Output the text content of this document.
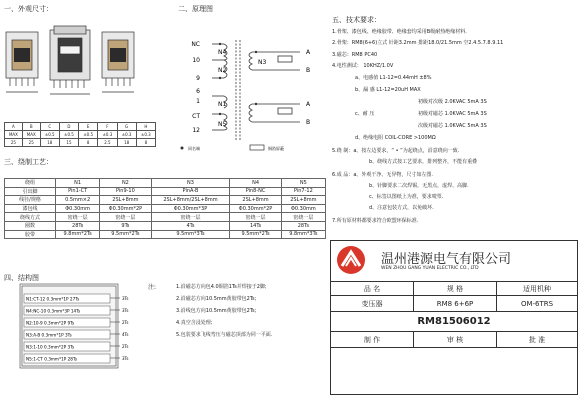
一、外观尺寸：
A	B	C	D	E	F	G	H
MAX	MAX	±0.5	±0.5	±0.5	±0.3	±0.3	±0.3
25	25	18	15	8	2.5	18	8
二、原理图
NC
10
9
6
1
CT
12
N4
N2
N1
N5
N3
A
B
A
B
同名端	铜箔屏蔽
三、绕制工艺：
绕组	N1	N2	N3	N4	N5
引出脚	Pin1-CT	Pin9-10	PinA-B	Pin8-NC	Pin7-12
线径/规格	0.5mm×2	2SL+8mm	2SL+8mm/2SL+8mm	2SL+8mm	2SL+8mm
漆包线	Φ0.30mm	Φ0.30mm*2P	Φ0.30mm*3P	Φ0.30mm*2P	Φ0.30mm
绕线方式	密绕一层	密绕一层	密绕一层	密绕一层	密绕一层
圈数	28Ts	9Ts	4Ts	14Ts	28Ts
胶带	9.8mm*2Ts	9.5mm*2Ts	9.5mm*3Ts	9.5mm*2Ts	9.8mm*3Ts
四、结构图
N1:CT-12 0.3mm*1P 27Ts
N4:NC-10 0.3mm*3P 14Ts
N2:10-9 0.3mm*2P 9Ts
N3:A-B 0.3mm*1P 3Ts
N3:1-10 0.3mm*2P 3Ts
N5:1-CT 0.3mm*1P 28Ts
3Ts
3Ts
2Ts
4Ts
2Ts
3Ts
注:	1.沿磁芯方向包4.0铜箔1Ts并焊接于2脚;
2.沿磁芯方向10.5mm黄胶带包2Ts;
3.沿线包方向10.5mm黄胶带包2Ts;
4.真空含浸处理;
5.包装要求飞线弯压与磁芯顶部为同一平面.
五、技术要求：
1.骨架、漆包线、绝缘胶带、绝缘套均采用B级耐热绝缘材料.
2.骨架：RM8(6+6)立式 针距3.2mm 排距18.0/21.5mm 空2.4.5.7.8.9.11
3.磁芯：RM8 PC40
4.电性测试： 10KHZ/1.0V
a、电感值 L1-12=0.44mH ±8%
b、漏 感 L1-12=20uH MAX
c、耐 压
初级对次级 2.0KVAC 5mA 3S
初级对磁芯 1.0KVAC 5mA 3S
次级对磁芯 1.0KVAC 5mA 3S
d、绝缘电阻 COIL-CORE >100MΩ
5.绕 制：a、按左边要求，“ • ”为起绕点，沿意绕向一致.
b、绕线方式按工艺要求，排列整齐，不能有重叠
6.成 品：a、外观干净、无异物，尺寸如左图.
b、针脚要求二次焊锡，无黑点，虚焊、高脚.
c、标签以图纸上为准，要求唛票.
d、注意包装方式，以免破坏.
7.所有原材料都要求符合欧盟环保标准.
温州港源电气有限公司
WEN ZHOU GANG YUAN ELECTRIC CO., LTD
品 名	规 格	适用机种
变压器	RM8 6+6P	OM-6TRS
RM81506012		
制 作	审 核	批 准
